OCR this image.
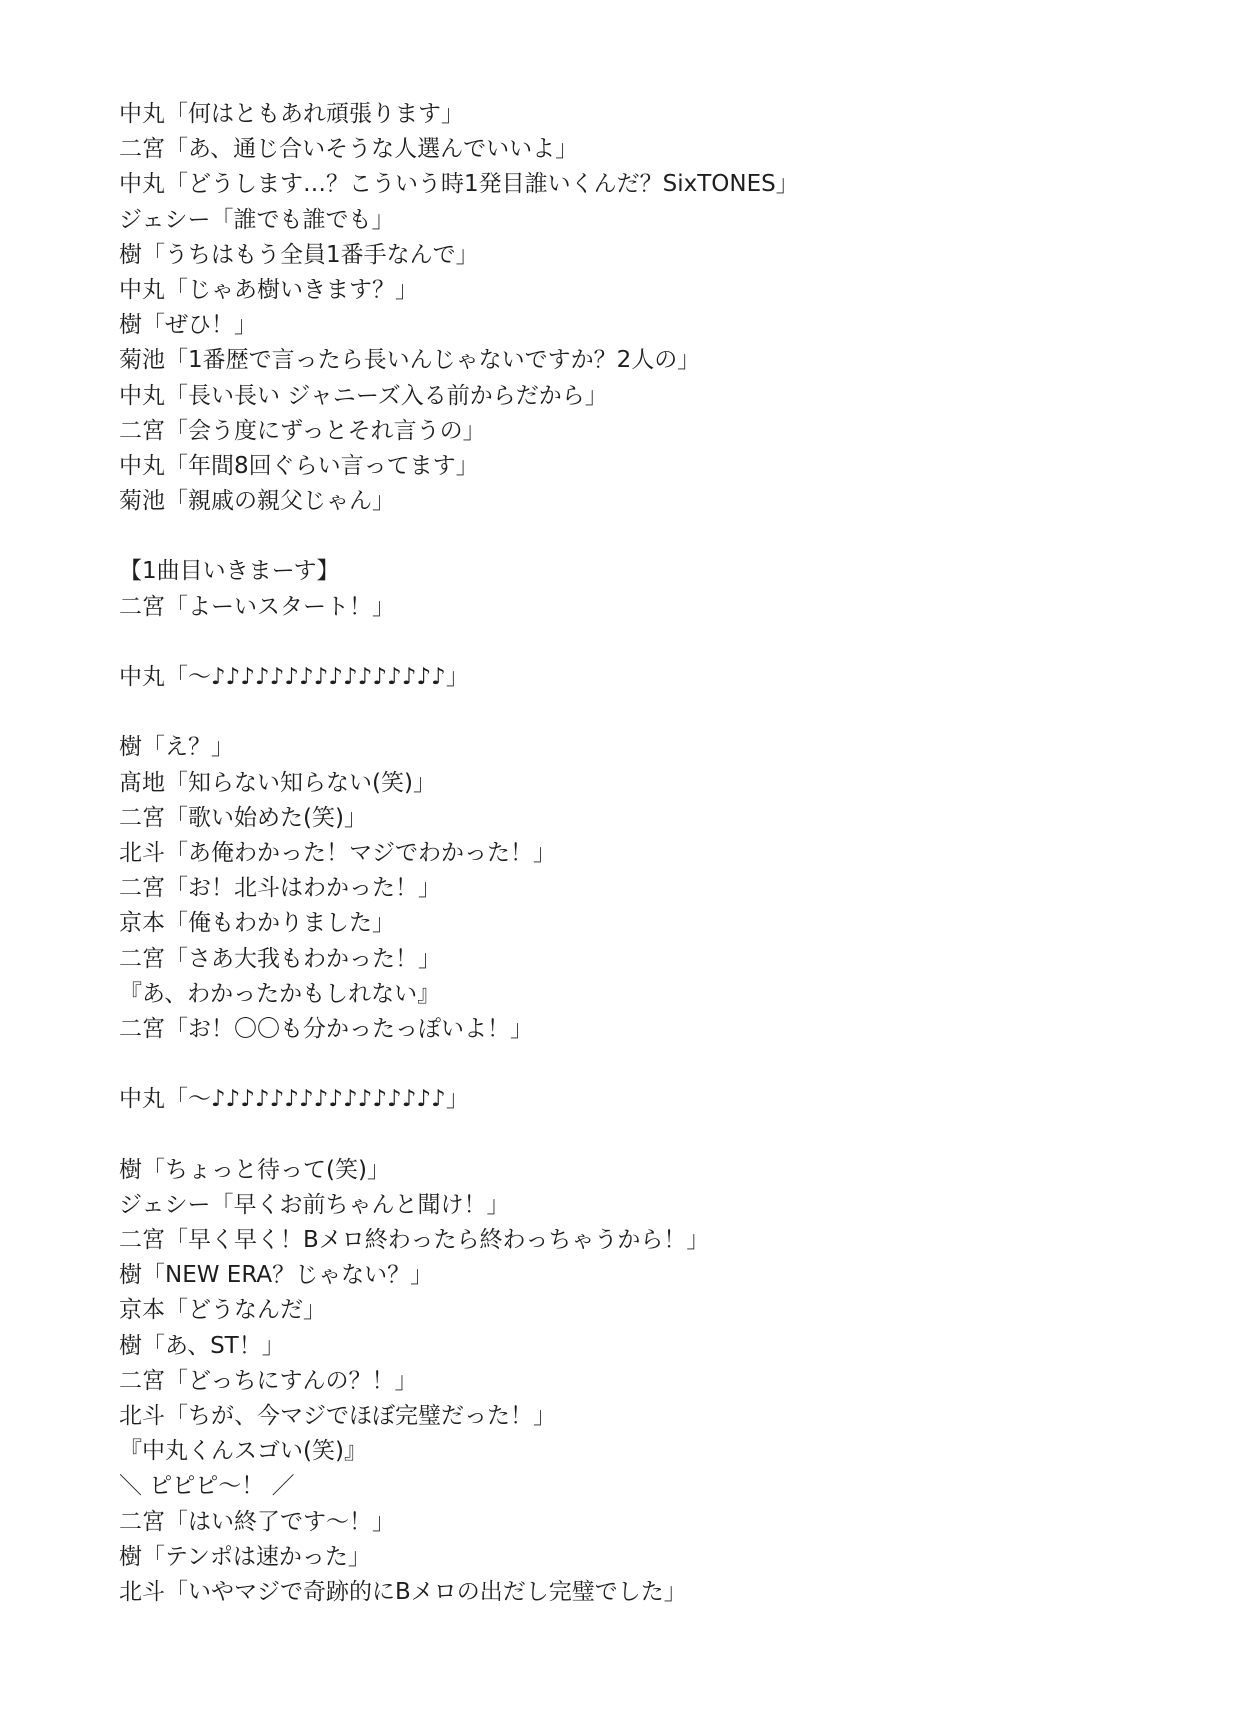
中丸「何はともあれ頑張ります」
二宮「あ、通じ合いそうな人選んでいいよ」
中丸「どうします…？こういう時1発目誰いくんだ？SixTONES」
ジェシー「誰でも誰でも」
樹「うちはもう全員1番手なんで」
中丸「じゃあ樹いきます？」
樹「ぜひ！」
菊池「1番歴で言ったら長いんじゃないですか？2人の」
中丸「長い長い ジャニーズ入る前からだから」
二宮「会う度にずっとそれ言うの」
中丸「年間8回ぐらい言ってます」
菊池「親戚の親父じゃん」
【1曲目いきまーす】
二宮「よーいスタート！」
中丸「〜♪♪♪♪♪♪♪♪♪♪♪♪♪♪♪♪」
樹「え？」
髙地「知らない知らない(笑)」
二宮「歌い始めた(笑)」
北斗「あ俺わかった！マジでわかった！」
二宮「お！北斗はわかった！」
京本「俺もわかりました」
二宮「さあ大我もわかった！」
『あ、わかったかもしれない』
二宮「お！〇〇も分かったっぽいよ！」
中丸「〜♪♪♪♪♪♪♪♪♪♪♪♪♪♪♪♪」
樹「ちょっと待って(笑)」
ジェシー「早くお前ちゃんと聞け！」
二宮「早く早く！Bメロ終わったら終わっちゃうから！」
樹「NEW ERA？じゃない？」
京本「どうなんだ」
樹「あ、ST！」
二宮「どっちにすんの？！」
北斗「ちが、今マジでほぼ完璧だった！」
『中丸くんスゴい(笑)』
＼ ピピピ〜！ ／
二宮「はい終了です〜！」
樹「テンポは速かった」
北斗「いやマジで奇跡的にBメロの出だし完璧でした」
